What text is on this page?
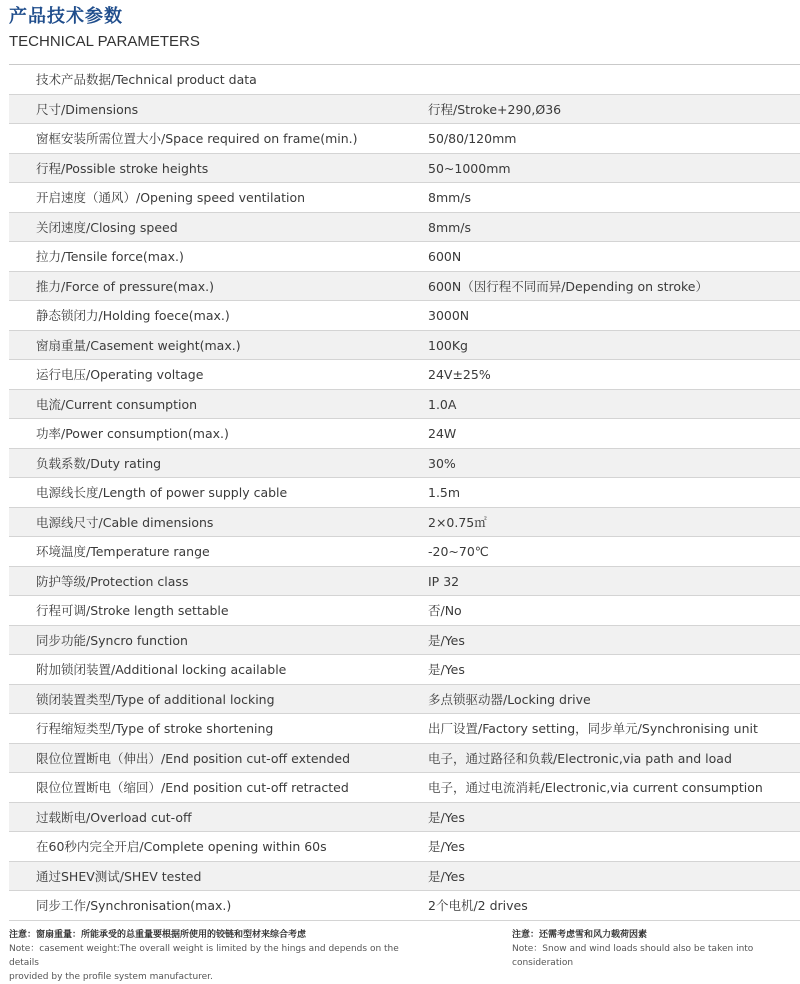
产品技术参数
TECHNICAL PARAMETERS
技术产品数据/Technical product data
尺寸/Dimensions	行程/Stroke+290,Ø36
窗框安装所需位置大小/Space required on frame(min.)	50/80/120mm
行程/Possible stroke heights	50~1000mm
开启速度（通风）/Opening speed ventilation	8mm/s
关闭速度/Closing speed	8mm/s
拉力/Tensile force(max.)	600N
推力/Force of pressure(max.)	600N（因行程不同而异/Depending on stroke）
静态锁闭力/Holding foece(max.)	3000N
窗扇重量/Casement weight(max.)	100Kg
运行电压/Operating voltage	24V±25%
电流/Current consumption	1.0A
功率/Power consumption(max.)	24W
负载系数/Duty rating	30%
电源线长度/Length of power supply cable	1.5m
电源线尺寸/Cable dimensions	2×0.75㎡
环境温度/Temperature range	-20~70℃
防护等级/Protection class	IP 32
行程可调/Stroke length settable	否/No
同步功能/Syncro function	是/Yes
附加锁闭装置/Additional locking acailable	是/Yes
锁闭装置类型/Type of additional locking	多点锁驱动器/Locking drive
行程缩短类型/Type of stroke shortening	出厂设置/Factory setting，同步单元/Synchronising unit
限位位置断电（伸出）/End position cut-off extended	电子，通过路径和负载/Electronic,via path and load
限位位置断电（缩回）/End position cut-off retracted	电子，通过电流消耗/Electronic,via current consumption
过载断电/Overload cut-off	是/Yes
在60秒内完全开启/Complete opening within 60s	是/Yes
通过SHEV测试/SHEV tested	是/Yes
同步工作/Synchronisation(max.)	2个电机/2 drives
注意：窗扇重量：所能承受的总重量要根据所使用的铰链和型材来综合考虑
Note：casement weight:The overall weight is limited by the hings and depends on the details
provided by the profile system manufacturer.
注意：还需考虑雪和风力载荷因素
Note：Snow and wind loads should also be taken into consideration
